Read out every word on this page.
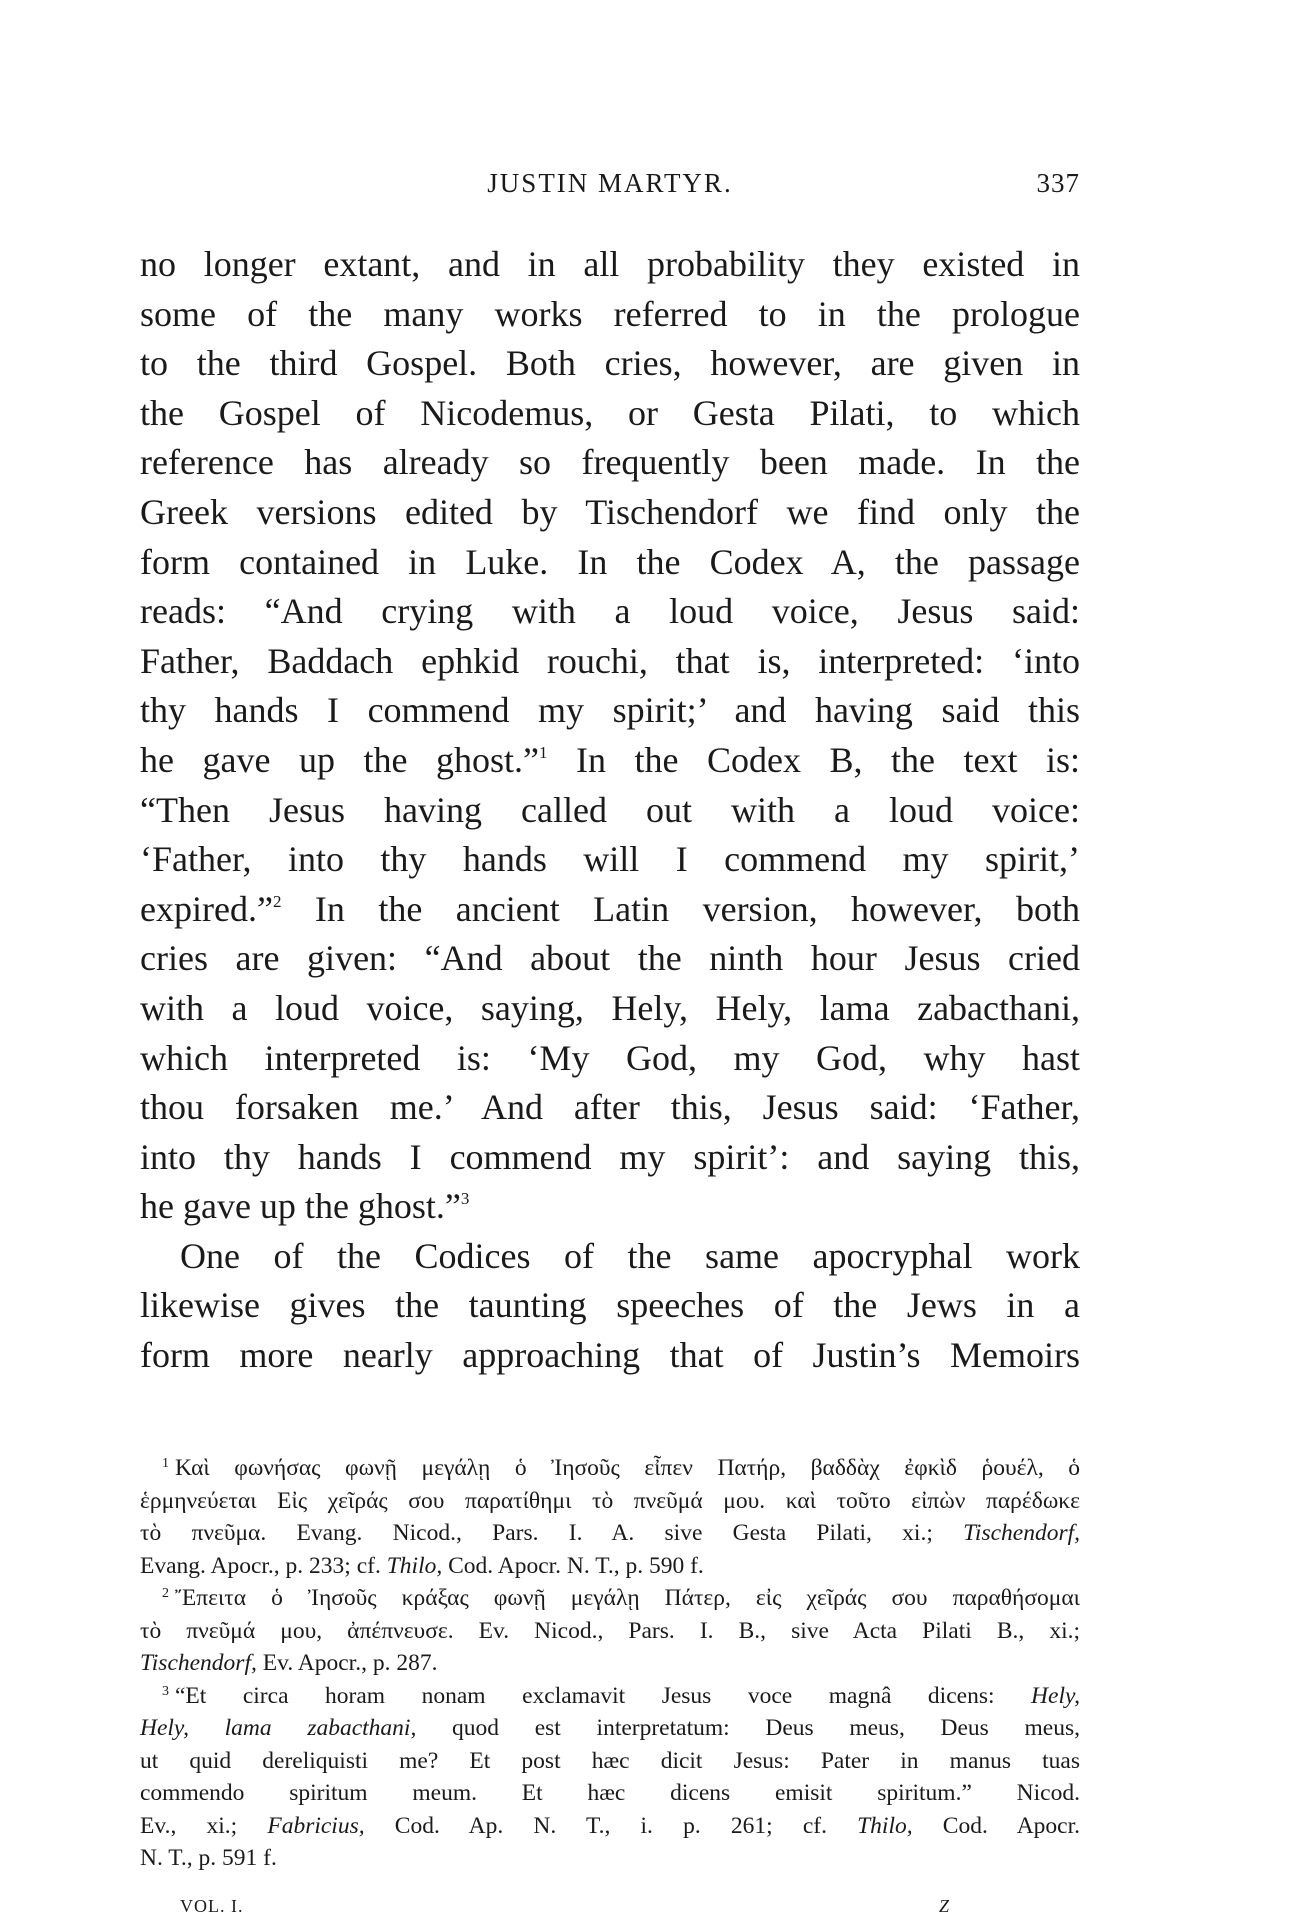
JUSTIN MARTYR.	337
no longer extant, and in all probability they existed in
some of the many works referred to in the prologue
to the third Gospel. Both cries, however, are given in
the Gospel of Nicodemus, or Gesta Pilati, to which
reference has already so frequently been made. In the
Greek versions edited by Tischendorf we find only the
form contained in Luke. In the Codex A, the passage
reads: “And crying with a loud voice, Jesus said:
Father, Baddach ephkid rouchi, that is, interpreted: ‘into
thy hands I commend my spirit;’ and having said this
he gave up the ghost.”$^1$ In the Codex B, the text is:
“Then Jesus having called out with a loud voice:
‘Father, into thy hands will I commend my spirit,’
expired.”$^2$ In the ancient Latin version, however, both
cries are given: “And about the ninth hour Jesus cried
with a loud voice, saying, Hely, Hely, lama zabacthani,
which interpreted is: ‘My God, my God, why hast
thou forsaken me.’ And after this, Jesus said: ‘Father,
into thy hands I commend my spirit’: and saying this,
he gave up the ghost.”$^3$
One of the Codices of the same apocryphal work
likewise gives the taunting speeches of the Jews in a
form more nearly approaching that of Justin’s Memoirs
$^1$ Καὶ φωνήσας φωνῇ μεγάλῃ ὁ Ἰησοῦς εἶπεν Πατήρ, βαδδὰχ ἐφκὶδ ῥουέλ, ὁ
ἑρμηνεύεται Εἰς χεῖράς σου παρατίθημι τὸ πνεῦμά μου. καὶ τοῦτο εἰπὼν παρέδωκε
τὸ πνεῦμα. Evang. Nicod., Pars. I. A. sive Gesta Pilati, xi.; Tischendorf,
Evang. Apocr., p. 233; cf. Thilo, Cod. Apocr. N. T., p. 590 f.
$^2$ Ἔπειτα ὁ Ἰησοῦς κράξας φωνῇ μεγάλῃ Πάτερ, εἰς χεῖράς σου παραθήσομαι
τὸ πνεῦμά μου, ἀπέπνευσε. Ev. Nicod., Pars. I. B., sive Acta Pilati B., xi.;
Tischendorf, Ev. Apocr., p. 287.
$^3$ “Et circa horam nonam exclamavit Jesus voce magnâ dicens: Hely,
Hely, lama zabacthani, quod est interpretatum: Deus meus, Deus meus,
ut quid dereliquisti me? Et post hæc dicit Jesus: Pater in manus tuas
commendo spiritum meum. Et hæc dicens emisit spiritum.” Nicod.
Ev., xi.; Fabricius, Cod. Ap. N. T., i. p. 261; cf. Thilo, Cod. Apocr.
N. T., p. 591 f.
VOL. I.	Z
